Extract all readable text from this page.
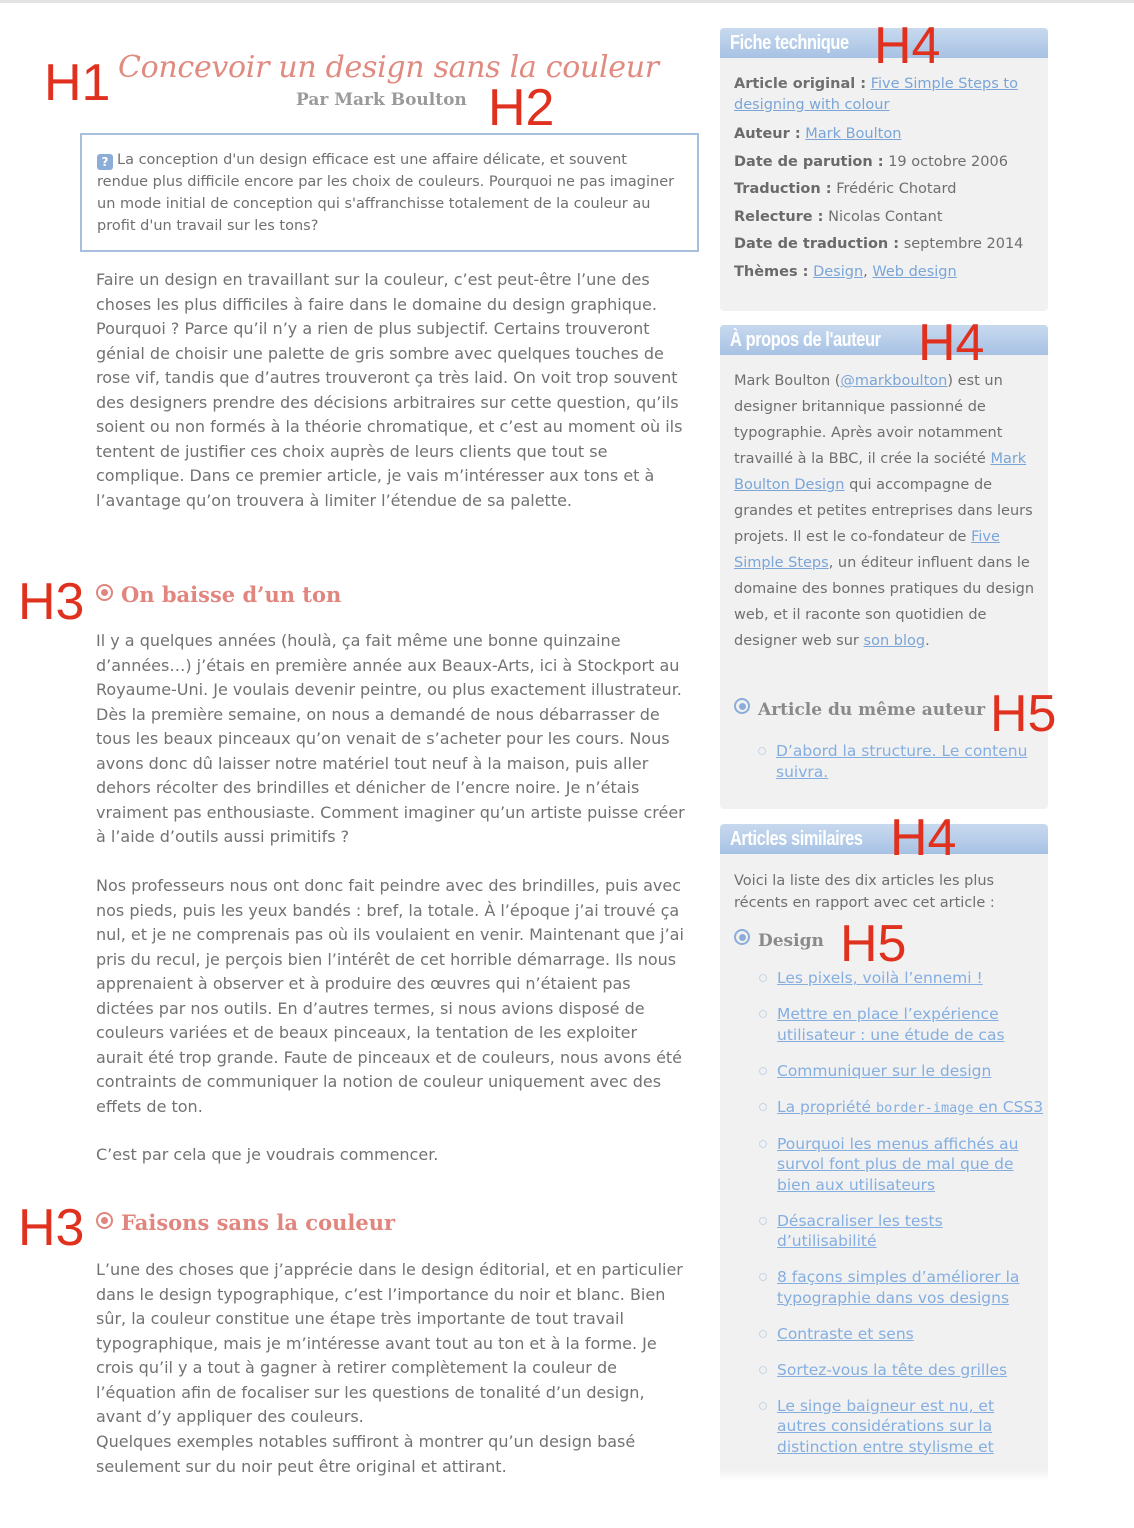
Concevoir un design sans la couleur
H1	Par Mark Boulton H2
? La conception d'un design efficace est une affaire délicate, et souvent rendue plus difficile encore par les choix de couleurs. Pourquoi ne pas imaginer un mode initial de conception qui s'affranchisse totalement de la couleur au profit d'un travail sur les tons?

Faire un design en travaillant sur la couleur, c’est peut-être l’une des choses les plus difficiles à faire dans le domaine du design graphique. Pourquoi ? Parce qu’il n’y a rien de plus subjectif. Certains trouveront génial de choisir une palette de gris sombre avec quelques touches de rose vif, tandis que d’autres trouveront ça très laid. On voit trop souvent des designers prendre des décisions arbitraires sur cette question, qu’ils soient ou non formés à la théorie chromatique, et c’est au moment où ils tentent de justifier ces choix auprès de leurs clients que tout se complique. Dans ce premier article, je vais m’intéresser aux tons et à l’avantage qu’on trouvera à limiter l’étendue de sa palette.

H3	On baisse d’un ton

Il y a quelques années (houlà, ça fait même une bonne quinzaine d’années…) j’étais en première année aux Beaux-Arts, ici à Stockport au Royaume-Uni. Je voulais devenir peintre, ou plus exactement illustrateur. Dès la première semaine, on nous a demandé de nous débarrasser de tous les beaux pinceaux qu’on venait de s’acheter pour les cours. Nous avons donc dû laisser notre matériel tout neuf à la maison, puis aller dehors récolter des brindilles et dénicher de l’encre noire. Je n’étais vraiment pas enthousiaste. Comment imaginer qu’un artiste puisse créer à l’aide d’outils aussi primitifs ?

Nos professeurs nous ont donc fait peindre avec des brindilles, puis avec nos pieds, puis les yeux bandés : bref, la totale. À l’époque j’ai trouvé ça nul, et je ne comprenais pas où ils voulaient en venir. Maintenant que j’ai pris du recul, je perçois bien l’intérêt de cet horrible démarrage. Ils nous apprenaient à observer et à produire des œuvres qui n’étaient pas dictées par nos outils. En d’autres termes, si nous avions disposé de couleurs variées et de beaux pinceaux, la tentation de les exploiter aurait été trop grande. Faute de pinceaux et de couleurs, nous avons été contraints de communiquer la notion de couleur uniquement avec des effets de ton.

C’est par cela que je voudrais commencer.

H3	Faisons sans la couleur

L’une des choses que j’apprécie dans le design éditorial, et en particulier dans le design typographique, c’est l’importance du noir et blanc. Bien sûr, la couleur constitue une étape très importante de tout travail typographique, mais je m’intéresse avant tout au ton et à la forme. Je crois qu’il y a tout à gagner à retirer complètement la couleur de l’équation afin de focaliser sur les questions de tonalité d’un design, avant d’y appliquer des couleurs.

Quelques exemples notables suffiront à montrer qu’un design basé seulement sur du noir peut être original et attirant.

Fiche technique
Article original : Five Simple Steps to designing with colour
Auteur : Mark Boulton
Date de parution : 19 octobre 2006
Traduction : Frédéric Chotard
Relecture : Nicolas Contant
Date de traduction : septembre 2014
Thèmes : Design, Web design
H4
À propos de l'auteur
Mark Boulton (@markboulton) est un designer britannique passionné de typographie. Après avoir notamment travaillé à la BBC, il crée la société Mark Boulton Design qui accompagne de grandes et petites entreprises dans leurs projets. Il est le co-fondateur de Five Simple Steps, un éditeur influent dans le domaine des bonnes pratiques du design web, et il raconte son quotidien de designer web sur son blog.

Article du même auteur

D’abord la structure. Le contenu suivra.
H4
H5
Articles similaires
Voici la liste des dix articles les plus récents en rapport avec cet article :

Design

Les pixels, voilà l’ennemi !
Mettre en place l’expérience utilisateur : une étude de cas
Communiquer sur le design
La propriété border-image en CSS3
Pourquoi les menus affichés au survol font plus de mal que de bien aux utilisateurs
Désacraliser les tests d’utilisabilité
8 façons simples d’améliorer la typographie dans vos designs
Contraste et sens
Sortez-vous la tête des grilles
Le singe baigneur est nu, et autres considérations sur la distinction entre stylisme et
H4
H5
